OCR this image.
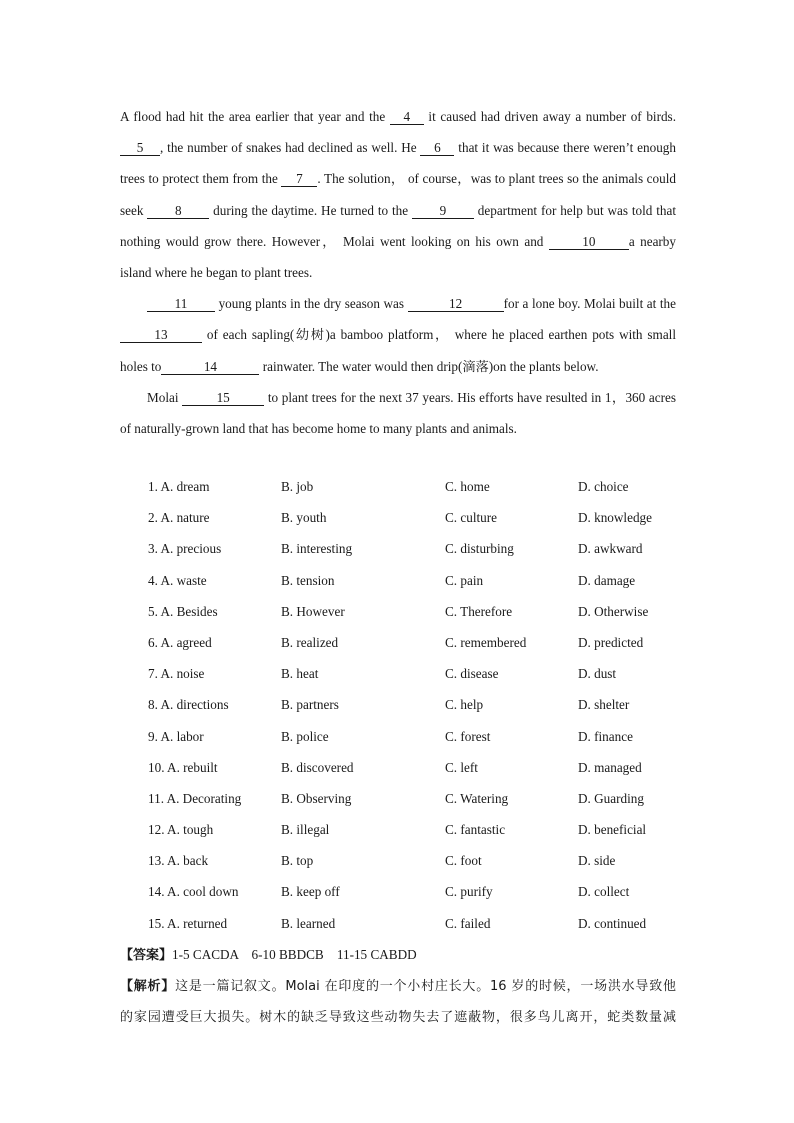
A flood had hit the area earlier that year and the 4 it caused had driven away a number of birds. 5 , the number of snakes had declined as well. He 6 that it was because there weren’t enough trees to protect them from the 7 . The solution， of course，was to plant trees so the animals could seek 8 during the daytime. He turned to the 9 department for help but was told that nothing would grow there. However， Molai went looking on his own and	10	a nearby island where he began to plant trees.

11 young plants in the dry season was	12	for a lone boy. Molai built at the 13	of each sapling(幼树)a bamboo platform， where he placed earthen pots with small holes to	14	rainwater. The water would then drip(滴落)on the plants below.

Molai	15	to plant trees for the next 37 years. His efforts have resulted in 1，360 acres of naturally-grown land that has become home to many plants and animals.

1. A. dream	B. job	C. home	D. choice
2. A. nature	B. youth	C. culture	D. knowledge
3. A. precious	B. interesting	C. disturbing	D. awkward
4. A. waste	B. tension	C. pain	D. damage
5. A. Besides	B. However	C. Therefore	D. Otherwise
6. A. agreed	B. realized	C. remembered	D. predicted
7. A. noise	B. heat	C. disease	D. dust
8. A. directions	B. partners	C. help	D. shelter
9. A. labor	B. police	C. forest	D. finance
10. A. rebuilt	B. discovered	C. left	D. managed
11. A. Decorating	B. Observing	C. Watering	D. Guarding
12. A. tough	B. illegal	C. fantastic	D. beneficial
13. A. back	B. top	C. foot	D. side
14. A. cool down	B. keep off	C. purify	D. collect
15. A. returned	B. learned	C. failed	D. continued
【答案】1-5 CACDA    6-10 BBDCB    11-15 CABDD
【解析】这是一篇记叙文。Molai 在印度的一个小村庄长大。16 岁的时候，一场洪水导致他
的家园遭受巨大损失。树木的缺乏导致这些动物失去了遮蔽物，很多鸟儿离开，蛇类数量减
